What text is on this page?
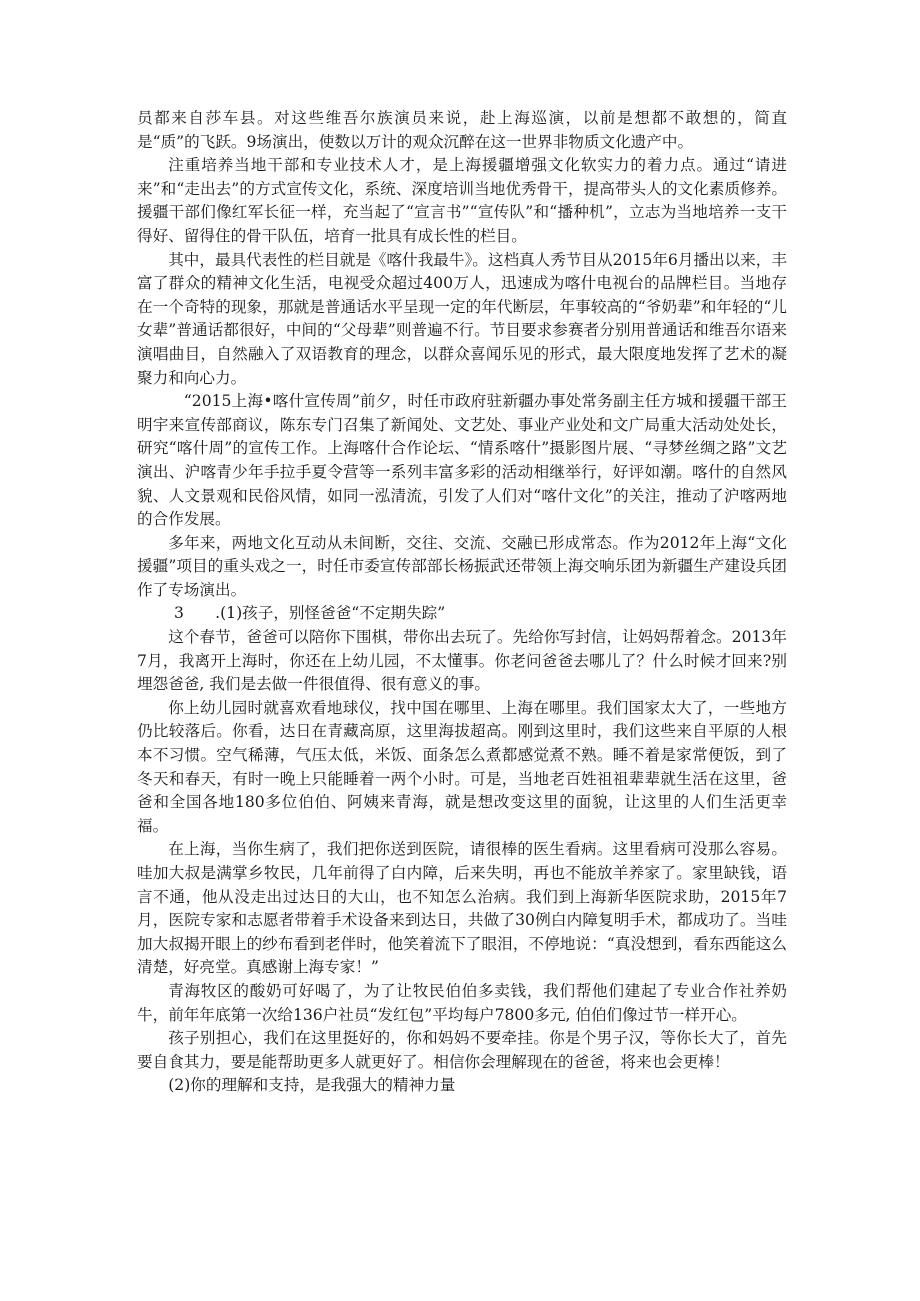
员都来自莎车县。对这些维吾尔族演员来说，赴上海巡演，以前是想都不敢想的，简直是“质”的飞跃。9场演出，使数以万计的观众沉醉在这一世界非物质文化遗产中。

注重培养当地干部和专业技术人才，是上海援疆增强文化软实力的着力点。通过“请进来”和“走出去”的方式宣传文化，系统、深度培训当地优秀骨干，提高带头人的文化素质修养。援疆干部们像红军长征一样，充当起了“宣言书”“宣传队”和“播种机”，立志为当地培养一支干得好、留得住的骨干队伍，培育一批具有成长性的栏目。

其中，最具代表性的栏目就是《喀什我最牛》。这档真人秀节目从2015年6月播出以来，丰富了群众的精神文化生活，电视受众超过400万人，迅速成为喀什电视台的品牌栏目。当地存在一个奇特的现象，那就是普通话水平呈现一定的年代断层，年事较高的“爷奶辈”和年轻的“儿女辈”普通话都很好，中间的“父母辈”则普遍不行。节目要求参赛者分别用普通话和维吾尔语来演唱曲目，自然融入了双语教育的理念，以群众喜闻乐见的形式，最大限度地发挥了艺术的凝聚力和向心力。

“2015上海•喀什宣传周”前夕，时任市政府驻新疆办事处常务副主任方城和援疆干部王明宇来宣传部商议，陈东专门召集了新闻处、文艺处、事业产业处和文广局重大活动处处长，研究“喀什周”的宣传工作。上海喀什合作论坛、“情系喀什”摄影图片展、“寻梦丝绸之路”文艺演出、沪喀青少年手拉手夏令营等一系列丰富多彩的活动相继举行，好评如潮。喀什的自然风貌、人文景观和民俗风情，如同一泓清流，引发了人们对“喀什文化”的关注，推动了沪喀两地的合作发展。

多年来，两地文化互动从未间断，交往、交流、交融已形成常态。作为2012年上海“文化援疆”项目的重头戏之一，时任市委宣传部部长杨振武还带领上海交响乐团为新疆生产建设兵团作了专场演出。

3　　.(1)孩子，别怪爸爸“不定期失踪”

这个春节，爸爸可以陪你下围棋，带你出去玩了。先给你写封信，让妈妈帮着念。2013年7月，我离开上海时，你还在上幼儿园，不太懂事。你老问爸爸去哪儿了？什么时候才回来?别埋怨爸爸, 我们是去做一件很值得、很有意义的事。

你上幼儿园时就喜欢看地球仪，找中国在哪里、上海在哪里。我们国家太大了，一些地方仍比较落后。你看，达日在青藏高原，这里海拔超高。刚到这里时，我们这些来自平原的人根本不习惯。空气稀薄，气压太低，米饭、面条怎么煮都感觉煮不熟。睡不着是家常便饭，到了冬天和春天，有时一晚上只能睡着一两个小时。可是，当地老百姓祖祖辈辈就生活在这里，爸爸和全国各地180多位伯伯、阿姨来青海，就是想改变这里的面貌，让这里的人们生活更幸福。

在上海，当你生病了，我们把你送到医院，请很棒的医生看病。这里看病可没那么容易。哇加大叔是满掌乡牧民，几年前得了白内障，后来失明，再也不能放羊养家了。家里缺钱，语言不通，他从没走出过达日的大山，也不知怎么治病。我们到上海新华医院求助，2015年7月，医院专家和志愿者带着手术设备来到达日，共做了30例白内障复明手术，都成功了。当哇加大叔揭开眼上的纱布看到老伴时，他笑着流下了眼泪，不停地说：“真没想到，看东西能这么清楚，好亮堂。真感谢上海专家！”

青海牧区的酸奶可好喝了，为了让牧民伯伯多卖钱，我们帮他们建起了专业合作社养奶牛，前年年底第一次给136户社员“发红包”平均每户7800多元, 伯伯们像过节一样开心。

孩子别担心，我们在这里挺好的，你和妈妈不要牵挂。你是个男子汉，等你长大了，首先要自食其力，要是能帮助更多人就更好了。相信你会理解现在的爸爸，将来也会更棒！

(2)你的理解和支持，是我强大的精神力量
